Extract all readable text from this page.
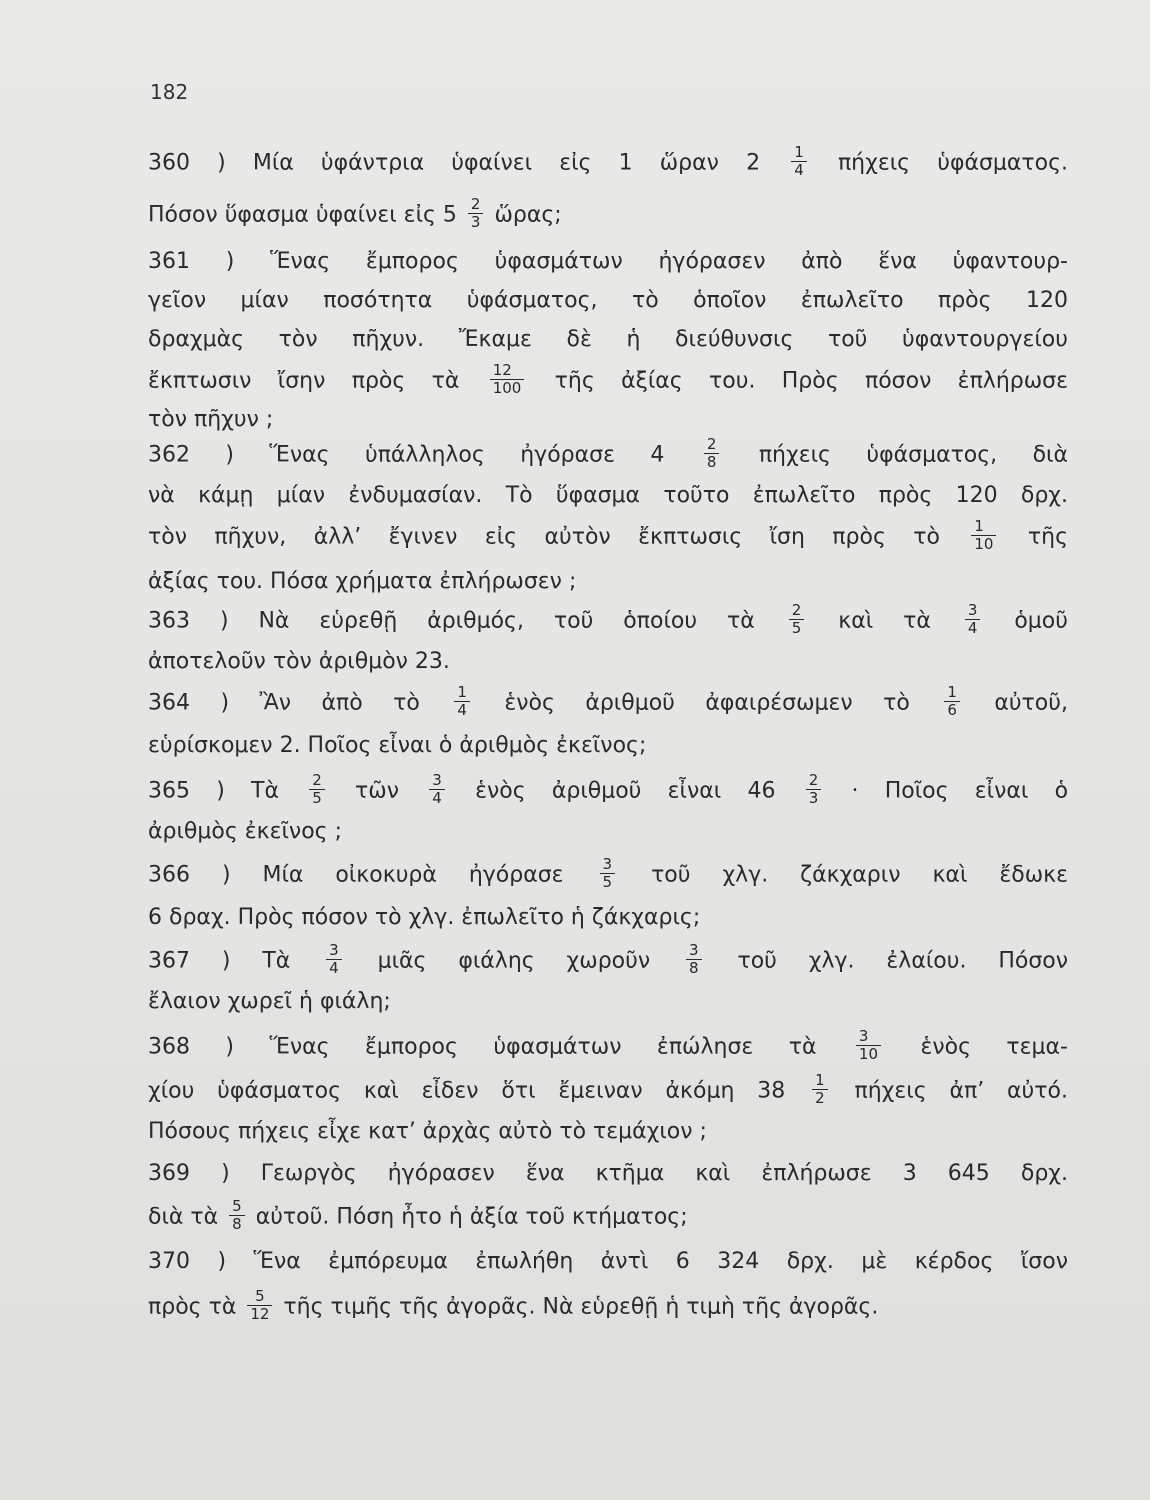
182
360 ) Μία ὑφάντρια ὑφαίνει εἰς 1 ὥραν $2 \frac{1}{4}$ πήχεις ὑφάσματος.
Πόσον ὕφασμα ὑφαίνει εἰς $5 \frac{2}{3}$ ὥρας;
361 ) Ἕνας ἔμπορος ὑφασμάτων ἠγόρασεν ἀπὸ ἕνα ὑφαντουρ-
γεῖον μίαν ποσότητα ὑφάσματος, τὸ ὁποῖον ἐπωλεῖτο πρὸς 120
δραχμὰς τὸν πῆχυν. Ἔκαμε δὲ ἡ διεύθυνσις τοῦ ὑφαντουργείου
ἔκπτωσιν ἴσην πρὸς τὰ $\frac{12}{100}$ τῆς ἀξίας του. Πρὸς πόσον ἐπλήρωσε
τὸν πῆχυν ;
362 ) Ἕνας ὑπάλληλος ἠγόρασε 4	$\frac{2}{8}$ πήχεις ὑφάσματος, διὰ
νὰ κάμῃ μίαν ἐνδυμασίαν. Τὸ ὕφασμα τοῦτο ἐπωλεῖτο πρὸς 120 δρχ.
τὸν πῆχυν, ἀλλ’ ἔγινεν εἰς αὐτὸν ἔκπτωσις ἴση πρὸς τὸ $\frac{1}{10}$ τῆς
ἀξίας του. Πόσα χρήματα ἐπλήρωσεν ;
363 ) Νὰ εὑρεθῇ ἀριθμός, τοῦ ὁποίου τὰ $\frac{2}{5}$ καὶ τὰ $\frac{3}{4}$ ὁμοῦ
ἀποτελοῦν τὸν ἀριθμὸν 23.
364 ) Ἂν ἀπὸ τὸ $\frac{1}{4}$ ἑνὸς ἀριθμοῦ ἀφαιρέσωμεν τὸ $\frac{1}{6}$ αὐτοῦ,
εὑρίσκομεν 2. Ποῖος εἶναι ὁ ἀριθμὸς ἐκεῖνος;
365 ) Τὰ $\frac{2}{5}$ τῶν $\frac{3}{4}$ ἑνὸς ἀριθμοῦ εἶναι $46 \frac{2}{3}$ · Ποῖος εἶναι ὁ
ἀριθμὸς ἐκεῖνος ;
366 ) Μία οἰκοκυρὰ ἠγόρασε $\frac{3}{5}$ τοῦ χλγ. ζάκχαριν καὶ ἔδωκε
6 δραχ. Πρὸς πόσον τὸ χλγ. ἐπωλεῖτο ἡ ζάκχαρις;
367 ) Τὰ $\frac{3}{4}$ μιᾶς φιάλης χωροῦν $\frac{3}{8}$ τοῦ χλγ. ἐλαίου. Πόσον
ἔλαιον χωρεῖ ἡ φιάλη;
368 ) Ἕνας ἔμπορος ὑφασμάτων ἐπώλησε τὰ	$\frac{3}{10}$ ἑνὸς τεμα-
χίου ὑφάσματος καὶ εἶδεν ὅτι ἔμειναν ἀκόμη $38 \frac{1}{2}$ πήχεις ἀπ’ αὐτό.
Πόσους πήχεις εἶχε κατ’ ἀρχὰς αὐτὸ τὸ τεμάχιον ;
369 ) Γεωργὸς ἠγόρασεν ἕνα κτῆμα καὶ ἐπλήρωσε 3 645 δρχ.
διὰ τὰ $\frac{5}{8}$ αὐτοῦ. Πόση ἦτο ἡ ἀξία τοῦ κτήματος;
370 ) Ἕνα ἐμπόρευμα ἐπωλήθη ἀντὶ 6 324 δρχ. μὲ κέρδος ἴσον
πρὸς τὰ $\frac{5}{12}$ τῆς τιμῆς τῆς ἀγορᾶς. Νὰ εὑρεθῇ ἡ τιμὴ τῆς ἀγορᾶς.
